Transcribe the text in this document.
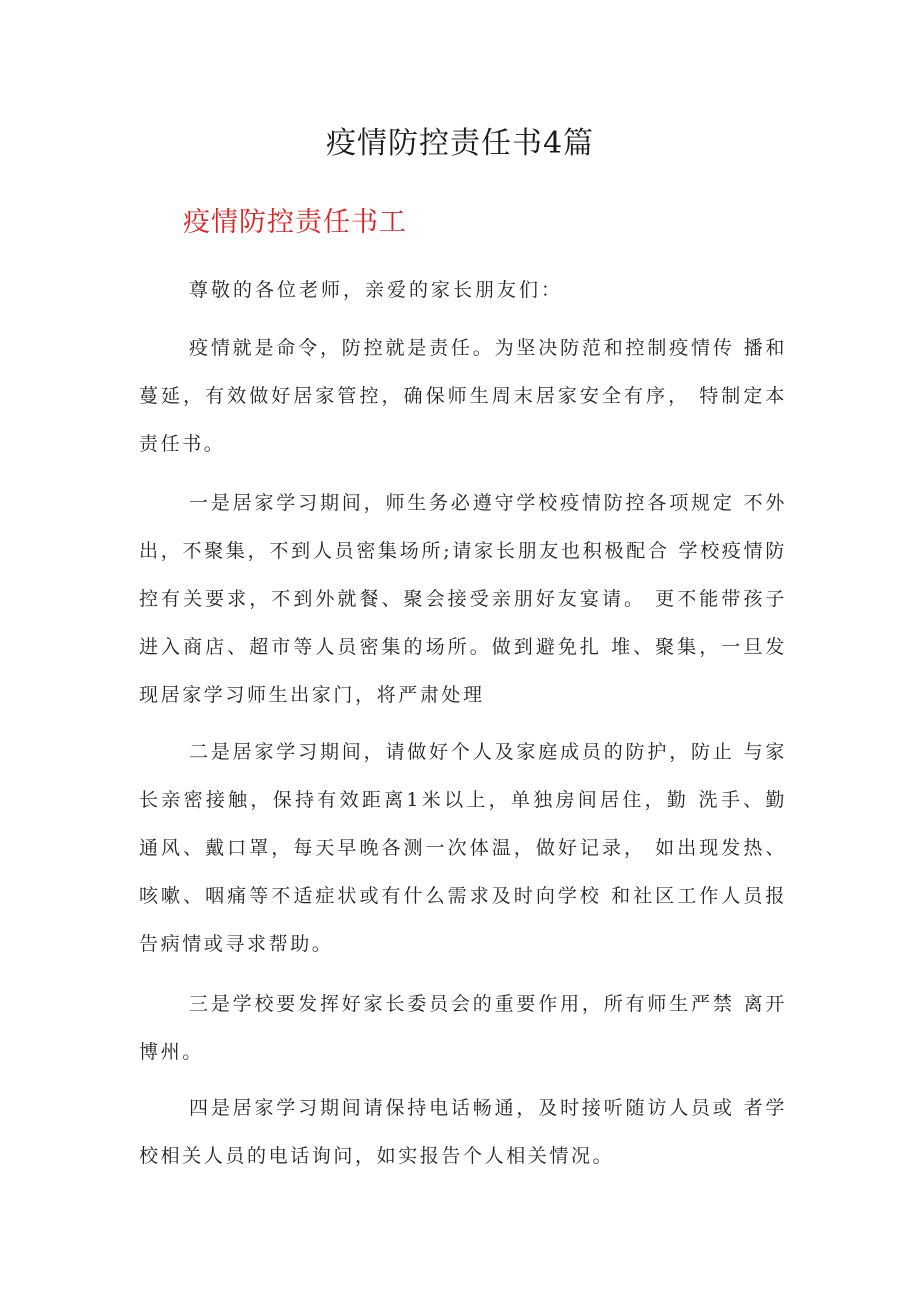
疫情防控责任书4篇
疫情防控责任书工
尊敬的各位老师，亲爱的家长朋友们：

疫情就是命令，防控就是责任。为坚决防范和控制疫情传 播和蔓延，有效做好居家管控，确保师生周末居家安全有序， 特制定本责任书。

一是居家学习期间，师生务必遵守学校疫情防控各项规定 不外出，不聚集，不到人员密集场所;请家长朋友也积极配合 学校疫情防控有关要求，不到外就餐、聚会接受亲朋好友宴请。 更不能带孩子进入商店、超市等人员密集的场所。做到避免扎 堆、聚集，一旦发现居家学习师生出家门，将严肃处理

二是居家学习期间，请做好个人及家庭成员的防护，防止 与家长亲密接触，保持有效距离1米以上，单独房间居住，勤 洗手、勤通风、戴口罩，每天早晚各测一次体温，做好记录， 如出现发热、咳嗽、咽痛等不适症状或有什么需求及时向学校 和社区工作人员报告病情或寻求帮助。

三是学校要发挥好家长委员会的重要作用，所有师生严禁 离开博州。

四是居家学习期间请保持电话畅通，及时接听随访人员或 者学校相关人员的电话询问，如实报告个人相关情况。
